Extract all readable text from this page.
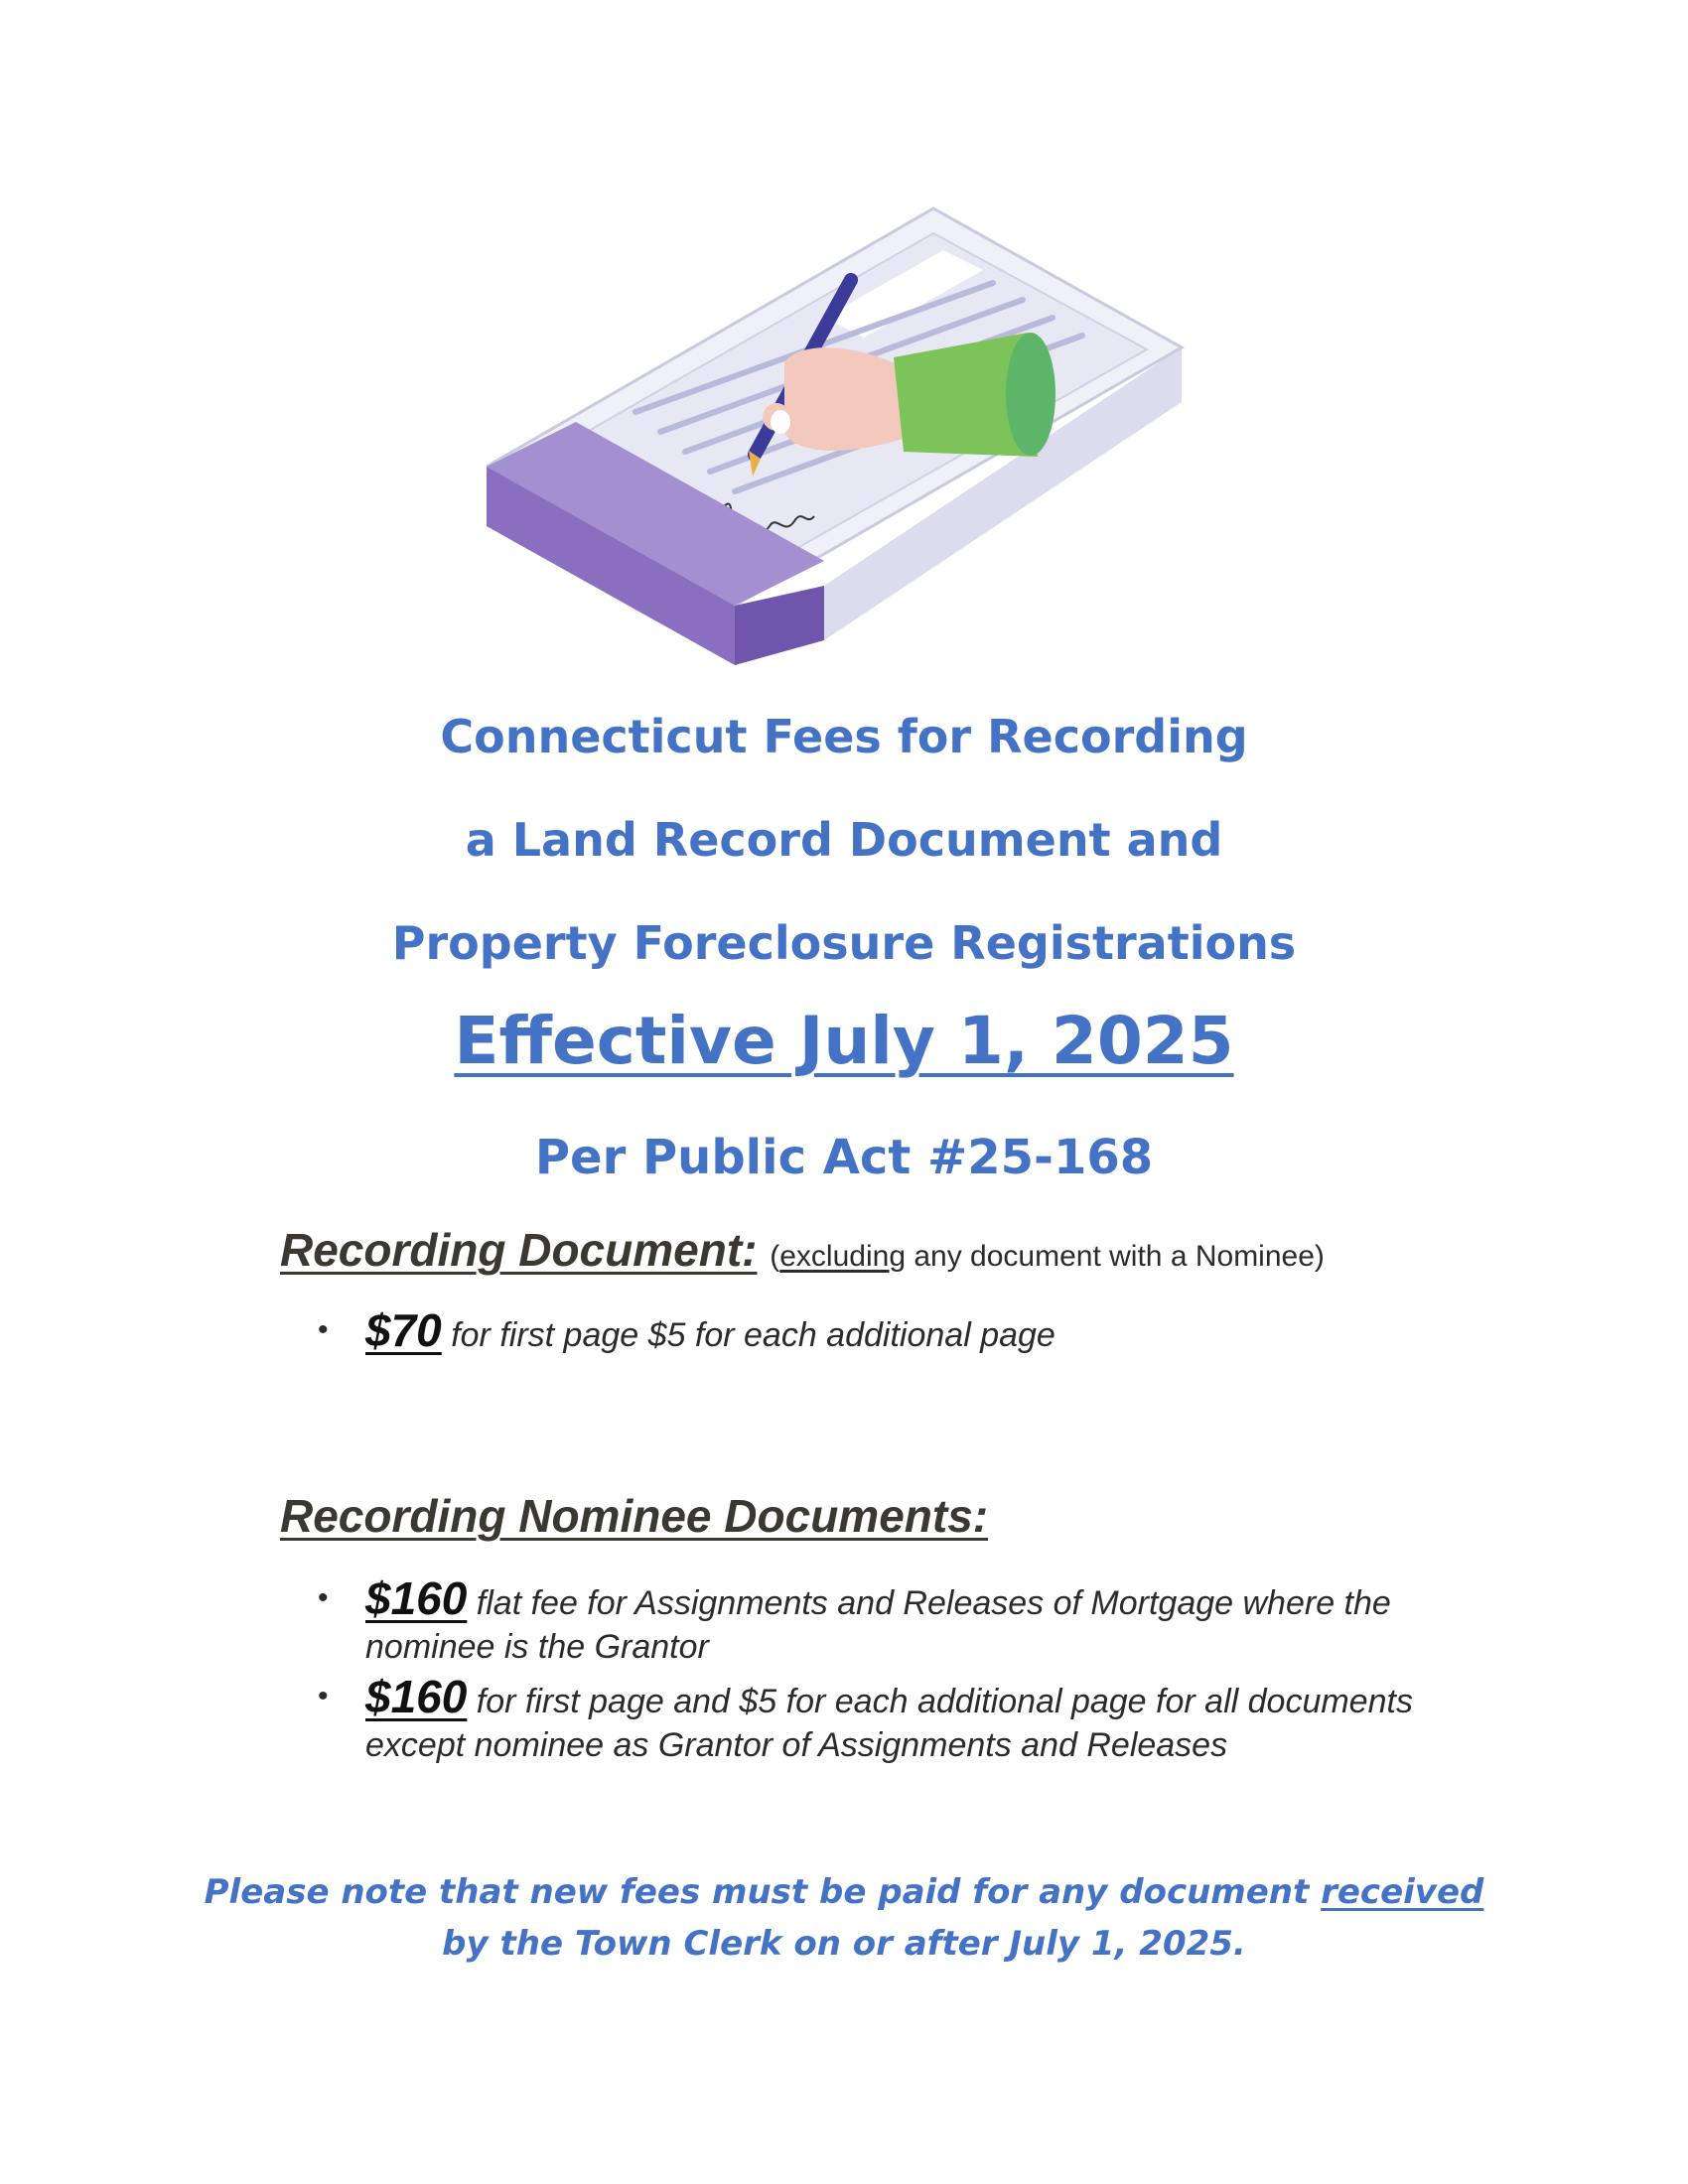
Connecticut Fees for Recording

a Land Record Document and

Property Foreclosure Registrations

Effective July 1, 2025
Per Public Act #25-168
Recording Document: (excluding any document with a Nominee)
• $70 for first page $5 for each additional page
Recording Nominee Documents:
• $160 flat fee for Assignments and Releases of Mortgage where the nominee is the Grantor
• $160 for first page and $5 for each additional page for all documents except nominee as Grantor of Assignments and Releases
Please note that new fees must be paid for any document received by the Town Clerk on or after July 1, 2025.
